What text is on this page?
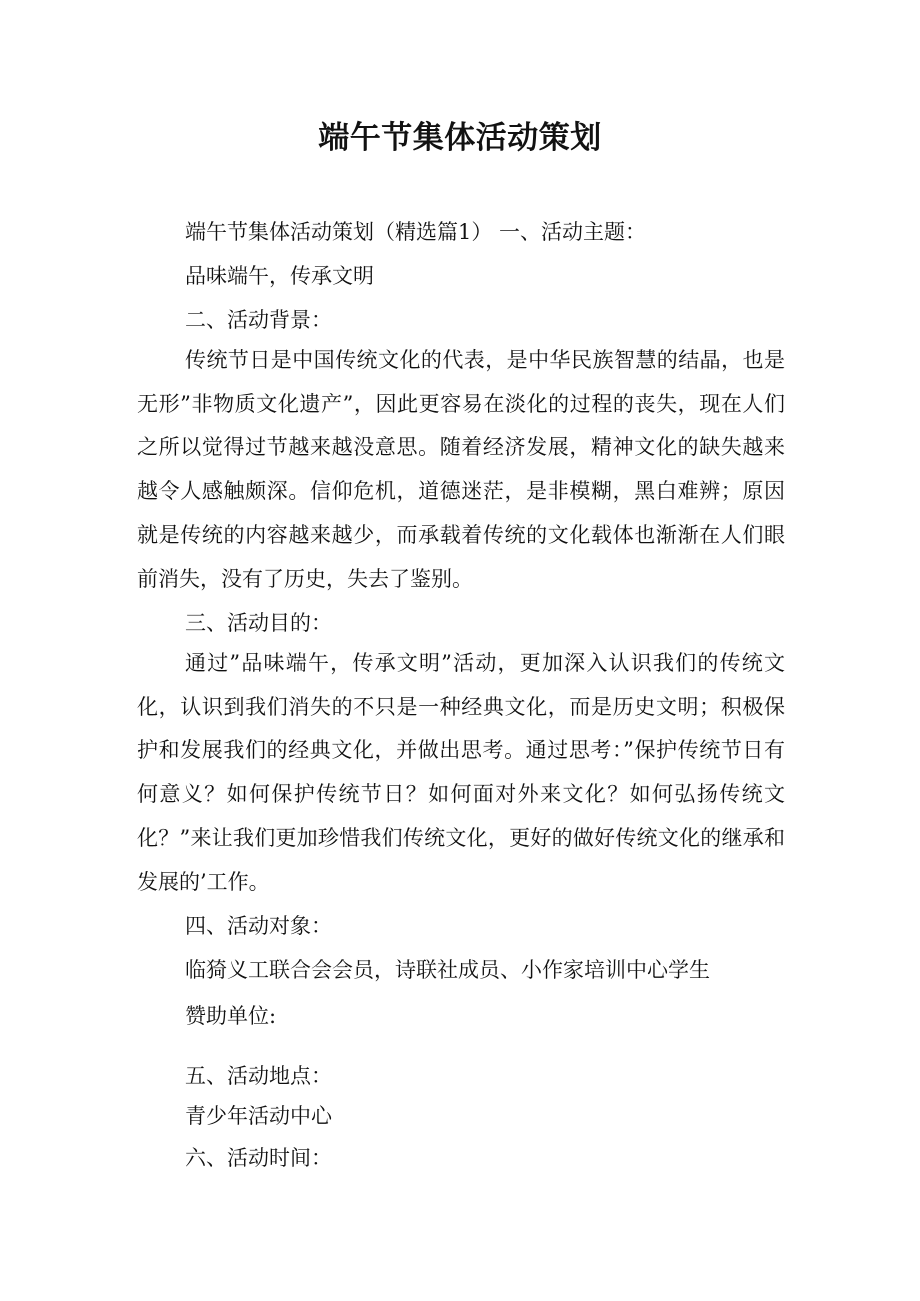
端午节集体活动策划
端午节集体活动策划（精选篇1） 一、活动主题：
品味端午，传承文明
二、活动背景：
传统节日是中国传统文化的代表，是中华民族智慧的结晶，也是无形”非物质文化遗产”，因此更容易在淡化的过程的丧失，现在人们之所以觉得过节越来越没意思。随着经济发展，精神文化的缺失越来越令人感触颇深。信仰危机，道德迷茫，是非模糊，黑白难辨；原因就是传统的内容越来越少，而承载着传统的文化载体也渐渐在人们眼前消失，没有了历史，失去了鉴别。
三、活动目的：
通过”品味端午，传承文明”活动，更加深入认识我们的传统文化，认识到我们消失的不只是一种经典文化，而是历史文明；积极保护和发展我们的经典文化，并做出思考。通过思考：”保护传统节日有何意义？如何保护传统节日？如何面对外来文化？如何弘扬传统文化？”来让我们更加珍惜我们传统文化，更好的做好传统文化的继承和发展的’工作。
四、活动对象：
临猗义工联合会会员，诗联社成员、小作家培训中心学生
赞助单位:
五、活动地点：
青少年活动中心
六、活动时间：
